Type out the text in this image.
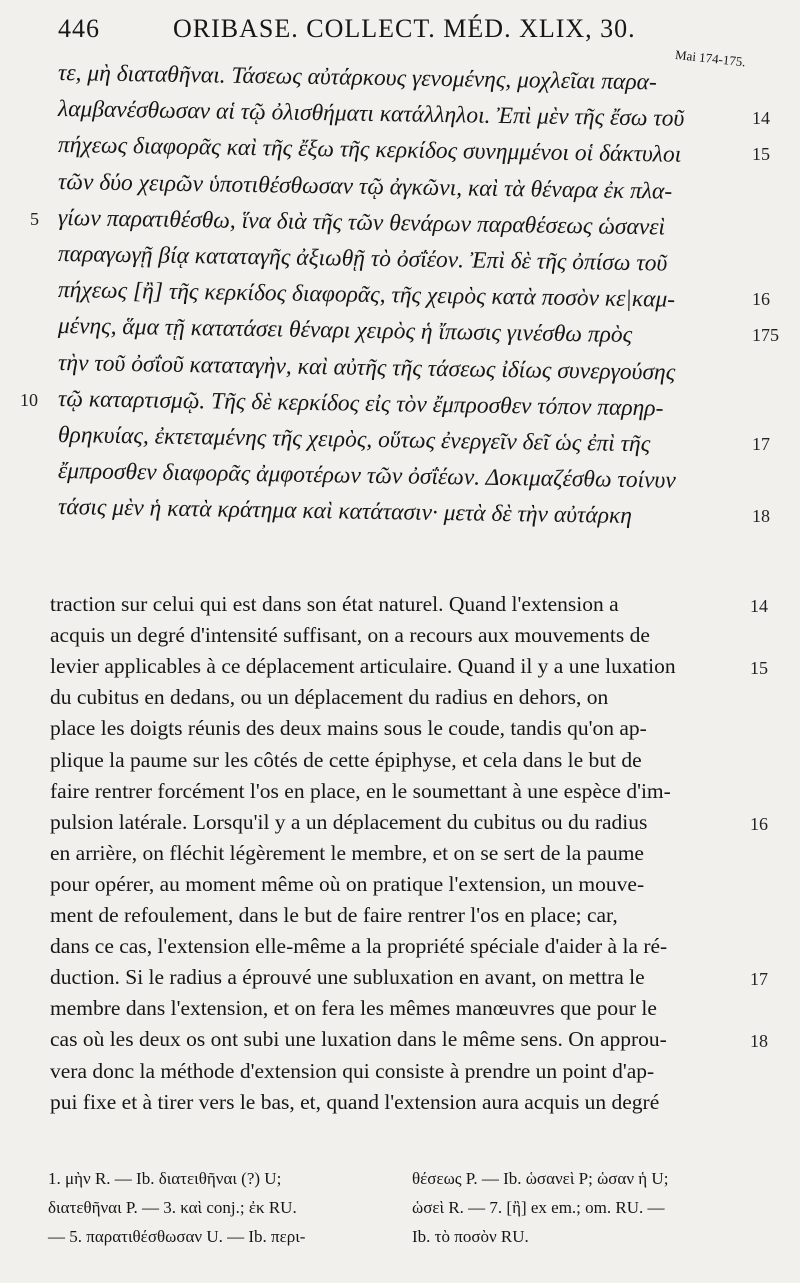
446	ORIBASE. COLLECT. MÉD. XLIX, 30.
Mai 174-175.
τε, μὴ διαταθῆναι. Τάσεως αὐτάρκους γενομένης, μοχλεῖαι παρα-
λαμβανέσθωσαν αἱ τῷ ὀλισθήματι κατάλληλοι. Ἐπὶ μὲν τῆς ἔσω τοῦ
πήχεως διαφορᾶς καὶ τῆς ἔξω τῆς κερκίδος συνημμένοι οἱ δάκτυλοι
τῶν δύο χειρῶν ὑποτιθέσθωσαν τῷ ἀγκῶνι, καὶ τὰ θέναρα ἐκ πλα-
γίων παρατιθέσθω, ἵνα διὰ τῆς τῶν θενάρων παραθέσεως ὡσανεὶ
παραγωγῇ βίᾳ καταταγῆς ἀξιωθῇ τὸ ὀσΐέον. Ἐπὶ δὲ τῆς ὀπίσω τοῦ
πήχεως [ἢ] τῆς κερκίδος διαφορᾶς, τῆς χειρὸς κατὰ ποσὸν κε|καμ-
μένης, ἅμα τῇ κατατάσει θέναρι χειρὸς ἡ ἴπωσις γινέσθω πρὸς
τὴν τοῦ ὀσΐοῦ καταταγὴν, καὶ αὐτῆς τῆς τάσεως ἰδίως συνεργούσης
τῷ καταρτισμῷ. Τῆς δὲ κερκίδος εἰς τὸν ἔμπροσθεν τόπον παρηρ-
θρηκυίας, ἐκτεταμένης τῆς χειρὸς, οὕτως ἐνεργεῖν δεῖ ὡς ἐπὶ τῆς
ἔμπροσθεν διαφορᾶς ἀμφοτέρων τῶν ὀσΐέων. Δοκιμαζέσθω τοίνυν
τάσις μὲν ἡ κατὰ κράτημα καὶ κατάτασιν· μετὰ δὲ τὴν αὐτάρκη
5
10
14
15
16
175
17
18
traction sur celui qui est dans son état naturel. Quand l'extension a
acquis un degré d'intensité suffisant, on a recours aux mouvements de
levier applicables à ce déplacement articulaire. Quand il y a une luxation
du cubitus en dedans, ou un déplacement du radius en dehors, on
place les doigts réunis des deux mains sous le coude, tandis qu'on ap-
plique la paume sur les côtés de cette épiphyse, et cela dans le but de
faire rentrer forcément l'os en place, en le soumettant à une espèce d'im-
pulsion latérale. Lorsqu'il y a un déplacement du cubitus ou du radius
en arrière, on fléchit légèrement le membre, et on se sert de la paume
pour opérer, au moment même où on pratique l'extension, un mouve-
ment de refoulement, dans le but de faire rentrer l'os en place; car,
dans ce cas, l'extension elle-même a la propriété spéciale d'aider à la ré-
duction. Si le radius a éprouvé une subluxation en avant, on mettra le
membre dans l'extension, et on fera les mêmes manœuvres que pour le
cas où les deux os ont subi une luxation dans le même sens. On approu-
vera donc la méthode d'extension qui consiste à prendre un point d'ap-
pui fixe et à tirer vers le bas, et, quand l'extension aura acquis un degré
14
15
16
17
18
1. μὴν R. — Ib. διατειθῆναι (?) U;
διατεθῆναι P. — 3. καὶ conj.; ἐκ RU.
— 5. παρατιθέσθωσαν U. — Ib. περι-
θέσεως P. — Ib. ὡσανεὶ P; ὡσαν ἡ U;
ὡσεὶ R. — 7. [ἢ] ex em.; om. RU. —
Ib. τὸ ποσὸν RU.
